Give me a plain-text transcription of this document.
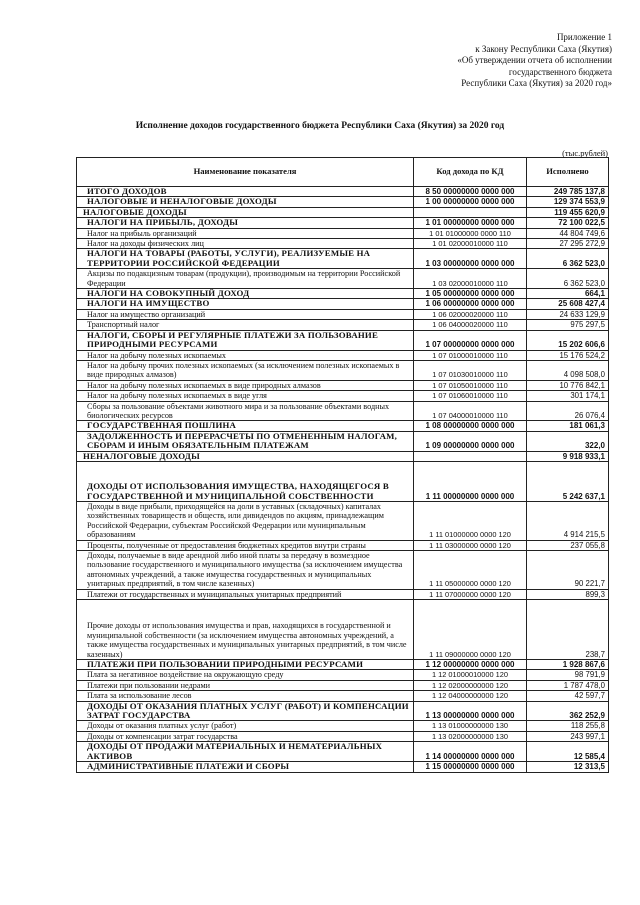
Приложение 1
к Закону Республики Саха (Якутия)
«Об утверждении отчета об исполнении
государственного бюджета
Республики Саха (Якутия) за 2020 год»
Исполнение доходов государственного бюджета Республики Саха (Якутия) за 2020 год
(тыс.рублей)
Наименование показателя	Код дохода по КД	Исполнено
ИТОГО ДОХОДОВ	8 50 00000000 0000 000	249 785 137,8
НАЛОГОВЫЕ И НЕНАЛОГОВЫЕ ДОХОДЫ	1 00 00000000 0000 000	129 374 553,9
НАЛОГОВЫЕ ДОХОДЫ		119 455 620,9
НАЛОГИ НА ПРИБЫЛЬ, ДОХОДЫ	1 01 00000000 0000 000	72 100 022,5
Налог на прибыль организаций	1 01 01000000 0000 110	44 804 749,6
Налог на доходы физических лиц	1 01 02000010000 110	27 295 272,9
НАЛОГИ НА ТОВАРЫ (РАБОТЫ, УСЛУГИ), РЕАЛИЗУЕМЫЕ НА ТЕРРИТОРИИ РОССИЙСКОЙ ФЕДЕРАЦИИ	1 03 00000000 0000 000	6 362 523,0
Акцизы по подакцизным товарам (продукции), производимым на территории Российской Федерации	1 03 02000010000 110	6 362 523,0
НАЛОГИ НА СОВОКУПНЫЙ ДОХОД	1 05 00000000 0000 000	664,1
НАЛОГИ НА ИМУЩЕСТВО	1 06 00000000 0000 000	25 608 427,4
Налог на имущество организаций	1 06 02000020000 110	24 633 129,9
Транспортный налог	1 06 04000020000 110	975 297,5
НАЛОГИ, СБОРЫ И РЕГУЛЯРНЫЕ ПЛАТЕЖИ ЗА ПОЛЬЗОВАНИЕ ПРИРОДНЫМИ РЕСУРСАМИ	1 07 00000000 0000 000	15 202 606,6
Налог на добычу полезных ископаемых	1 07 01000010000 110	15 176 524,2
Налог на добычу прочих полезных ископаемых (за исключением полезных ископаемых в виде природных алмазов)	1 07 01030010000 110	4 098 508,0
Налог на добычу полезных ископаемых в виде природных алмазов	1 07 01050010000 110	10 776 842,1
Налог на добычу полезных ископаемых в виде угля	1 07 01060010000 110	301 174,1
Сборы за пользование объектами животного мира и за пользование объектами водных биологических ресурсов	1 07 04000010000 110	26 076,4
ГОСУДАРСТВЕННАЯ ПОШЛИНА	1 08 00000000 0000 000	181 061,3
ЗАДОЛЖЕННОСТЬ И ПЕРЕРАСЧЕТЫ ПО ОТМЕНЕННЫМ НАЛОГАМ, СБОРАМ И ИНЫМ ОБЯЗАТЕЛЬНЫМ ПЛАТЕЖАМ	1 09 00000000 0000 000	322,0
НЕНАЛОГОВЫЕ ДОХОДЫ		9 918 933,1
ДОХОДЫ ОТ ИСПОЛЬЗОВАНИЯ ИМУЩЕСТВА, НАХОДЯЩЕГОСЯ В ГОСУДАРСТВЕННОЙ И МУНИЦИПАЛЬНОЙ СОБСТВЕННОСТИ	1 11 00000000 0000 000	5 242 637,1
Доходы в виде прибыли, приходящейся на доли в уставных (складочных) капиталах хозяйственных товариществ и обществ, или дивидендов по акциям, принадлежащим Российской Федерации, субъектам Российской Федерации или муниципальным образованиям	1 11 01000000 0000 120	4 914 215,5
Проценты, полученные от предоставления бюджетных кредитов внутри страны	1 11 03000000 0000 120	237 055,8
Доходы, получаемые в виде арендной либо иной платы за передачу в возмездное пользование государственного и муниципального имущества (за исключением имущества автономных учреждений, а также имущества государственных и муниципальных унитарных предприятий, в том числе казенных)	1 11 05000000 0000 120	90 221,7
Платежи от государственных и муниципальных унитарных предприятий	1 11 07000000 0000 120	899,3
Прочие доходы от использования имущества и прав, находящихся в государственной и муниципальной собственности (за исключением имущества автономных учреждений, а также имущества государственных и муниципальных унитарных предприятий, в том числе казенных)	1 11 09000000 0000 120	238,7
ПЛАТЕЖИ ПРИ ПОЛЬЗОВАНИИ ПРИРОДНЫМИ РЕСУРСАМИ	1 12 00000000 0000 000	1 928 867,6
Плата за негативное воздействие на окружающую среду	1 12 01000010000 120	98 791,9
Платежи при пользовании недрами	1 12 02000000000 120	1 787 478,0
Плата за использование лесов	1 12 04000000000 120	42 597,7
ДОХОДЫ ОТ ОКАЗАНИЯ ПЛАТНЫХ УСЛУГ (РАБОТ) И КОМПЕНСАЦИИ ЗАТРАТ ГОСУДАРСТВА	1 13 00000000 0000 000	362 252,9
Доходы от оказания платных услуг (работ)	1 13 01000000000 130	118 255,8
Доходы от компенсации затрат государства	1 13 02000000000 130	243 997,1
ДОХОДЫ ОТ ПРОДАЖИ МАТЕРИАЛЬНЫХ И НЕМАТЕРИАЛЬНЫХ АКТИВОВ	1 14 00000000 0000 000	12 585,4
АДМИНИСТРАТИВНЫЕ ПЛАТЕЖИ И СБОРЫ	1 15 00000000 0000 000	12 313,5
